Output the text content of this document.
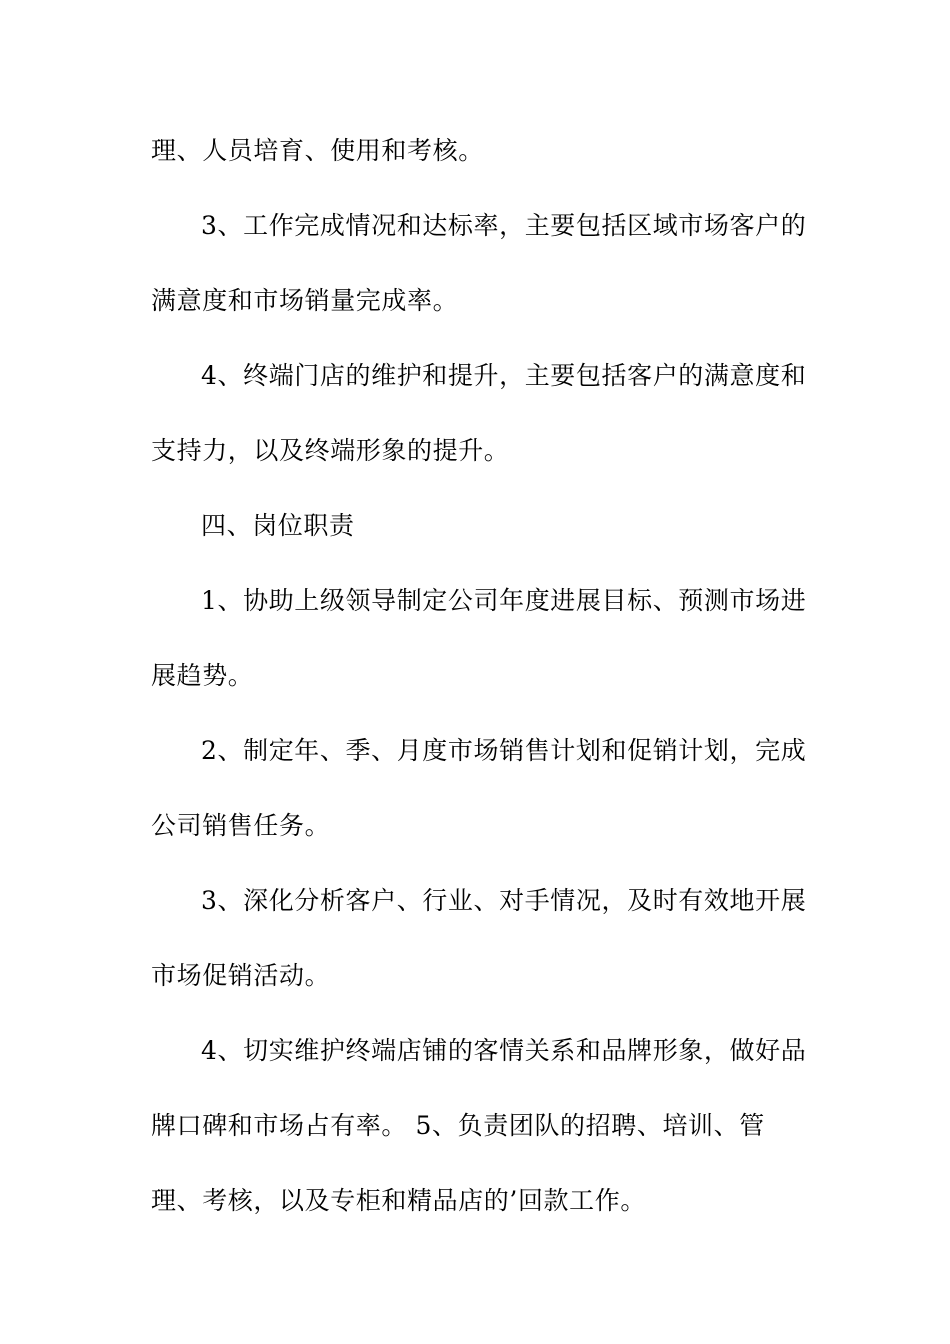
理、人员培育、使用和考核。
3、工作完成情况和达标率，主要包括区域市场客户的
满意度和市场销量完成率。
4、终端门店的维护和提升，主要包括客户的满意度和
支持力，以及终端形象的提升。
四、岗位职责
1、协助上级领导制定公司年度进展目标、预测市场进
展趋势。
2、制定年、季、月度市场销售计划和促销计划，完成
公司销售任务。
3、深化分析客户、行业、对手情况，及时有效地开展
市场促销活动。
4、切实维护终端店铺的客情关系和品牌形象，做好品
牌口碑和市场占有率。 5、负责团队的招聘、培训、管
理、考核，以及专柜和精品店的’回款工作。
